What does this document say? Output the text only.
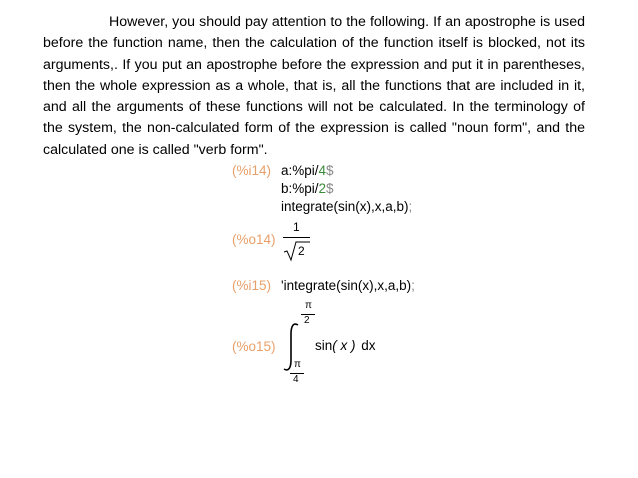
However, you should pay attention to the following. If an apostrophe is used before the function name, then the calculation of the function itself is blocked, not its arguments,. If you put an apostrophe before the expression and put it in parentheses, then the whole expression as a whole, that is, all the functions that are included in it, and all the arguments of these functions will not be calculated. In the terminology of the system, the non-calculated form of the expression is called "noun form", and the calculated one is called "verb form".

(%i14) a:%pi/4$
b:%pi/2$
integrate(sin(x),x,a,b);
(%o14)
1
2
(%i15) 'integrate(sin(x),x,a,b);
(%o15)
π
2
π
4
sin( x ) dx
